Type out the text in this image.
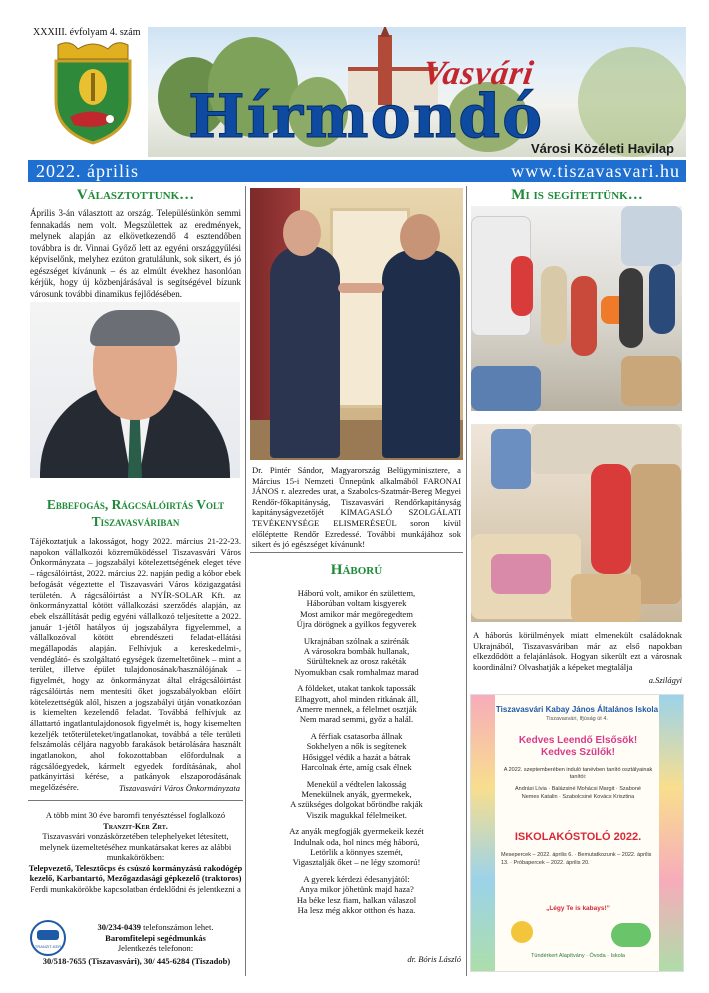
XXXIII. évfolyam 4. szám
Vasvári
Hírmondó
Városi Közéleti Havilap
2022. április	www.tiszavasvari.hu
Választottunk…
Április 3-án választott az ország. Településünkön semmi fennakadás nem volt. Megszülettek az eredmények, melynek alapján az elkövetkezendő 4 esztendőben továbbra is dr. Vinnai Győző lett az egyéni országgyűlési képviselőnk, melyhez ezúton gratulálunk, sok sikert, és jó egészséget kívánunk – és az elmúlt évekhez hasonlóan kérjük, hogy új közbenjárásával is segítségével bízunk városunk további dinamikus fejlődésében.
Ebbefogás, Rágcsálóirtás Volt Tiszavasváriban
Tájékoztatjuk a lakosságot, hogy 2022. március 21-22-23. napokon vállalkozói közreműködéssel Tiszavasvári Város Önkormányzata – jogszabályi kötelezettségének eleget téve – rágcsálóirtást, 2022. március 22. napján pedig a kóbor ebek befogását végeztette el Tiszavasvári Város közigazgatási területén. A rágcsálóirtást a NYÍR-SOLAR Kft. az önkormányzattal kötött vállalkozási szerződés alapján, az ebek elszállítását pedig egyéni vállalkozó teljesítette a 2022. január 1-jétől hatályos új jogszabályra figyelemmel, a vállalkozóval kötött ebrendészeti feladat-ellátási megállapodás alapján. Felhívjuk a kereskedelmi-, vendéglátó- és szolgáltató egységek üzemeltetőinek – mint a terület, illetve épület tulajdonosának/használójának – figyelmét, hogy az önkormányzat által elrágcsálóirtást rágcsálóirtás nem mentesíti őket jogszabályokban előírt kötelezettségük alól, hiszen a jogszabályi útján vonatkozóan is kiemelten kezelendő feladat. Továbbá felhívjuk az állattartó ingatlantulajdonosok figyelmét is, hogy kisemelten kezeljék tetőterületeket/ingatlanokat, továbbá a téle területi felszámolás céljára nagyobb farakások betárolására használt ingatlanokon, ahol fokozottabban előfordulnak a rágcsálóegyedek, kármelt egyedek fordításának, ahol patkányirtási kérése, a patkányok elszaporodásának megelőzésére.	Tiszavasvári Város Önkormányzata
A több mint 30 éve baromfi tenyésztéssel foglalkozó
Tranzit-Ker Zrt.
Tiszavasvári vonzáskörzetében telephelyeket létesített, melynek üzemeltetéséhez munkatársakat keres az alábbi munkakörökben:
Telepvezető, Telesztőcps és csúszó kormányzású rakodógép kezelő, Karbantartó, Mezőgazdasági gépkezelő (traktoros)
Ferdi munkakörökbe kapcsolatban érdeklődni és jelentkezni a
TRANZIT-KER
30/234-0439 telefonszámon lehet.
Baromfitelepi segédmunkás
Jelentkezés telefonon:
30/518-7655 (Tiszavasvári), 30/ 445-6284 (Tiszadob)
Dr. Pintér Sándor, Magyarország Belügyminisztere, a Március 15-i Nemzeti Ünnepünk alkalmából FARONAI JÁNOS r. alezredes urat, a Szabolcs-Szatmár-Bereg Megyei Rendőr-főkapitányság, Tiszavasvári Rendőrkapitányság kapitányságvezetőjét KIMAGASLÓ SZOLGÁLATI TEVÉKENYSÉGE ELISMERÉSEÜL soron kívül előléptette Rendőr Ezredessé. További munkájához sok sikert és jó egészséget kívánunk!
Háború
Háború volt, amikor én születtem,
Háborúban voltam kisgyerek
Most amikor már megöregedtem
Újra dörögnek a gyilkos fegyverek
Ukrajnában szólnak a szirénák
A városokra bombák hullanak,
Sürülteknek az orosz rakéták
Nyomukban csak romhalmaz marad
A földeket, utakat tankok tapossák
Elhagyott, ahol minden ritkának áll,
Amerre mennek, a félelmet osztják
Nem marad semmi, győz a halál.
A férfiak csatasorba állnak
Sokhelyen a nők is segítenek
Hősiggel védik a hazát a bátrak
Harcolnak érte, amíg csak élnek
Menekül a védtelen lakosság
Menekülnek anyák, gyermekek,
A szükséges dolgokat bőröndbe rakják
Viszik magukkal félelmeiket.
Az anyák megfogják gyermekeik kezét
Indulnak oda, hol nincs még háború,
Letörlik a könnyes szemét,
Vigasztalják őket – ne légy szomorú!
A gyerek kérdezi édesanyjától:
Anya mikor jöhetünk majd haza?
Ha béke lesz fiam, halkan válaszol
Ha lesz még akkor otthon és haza.
dr. Bóris László
Mi is segítettünk…
A háborús körülmények miatt elmenekült családoknak Ukrajnából, Tiszavasváriban már az első napokban elkezdődött a felajánlások. Hogyan sikerült ezt a városnak koordinálni? Olvashatják a képeket megtalálja
a.Szilágyi
Tiszavasvári Kabay János Általános Iskola
Tiszavasvári, Ifjúság út 4.
Kedves Leendő Elsősök! Kedves Szülők!
A 2022. szeptemberében induló tanévben tanító osztályainak tanítói:
Andrási Lívia · Balázsiné Mohácsi Margit · Szaboné Nemes Katalin · Szabolcsiné Kovács Krisztina
ISKOLAKÓSTOLÓ 2022.
Mesepercek – 2022. április 6. · Bemutatkozunk – 2022. április 13. · Próbapercek – 2022. április 20.
„Légy Te is kabays!”
Tündérkert Alapítvány · Óvoda · Iskola
